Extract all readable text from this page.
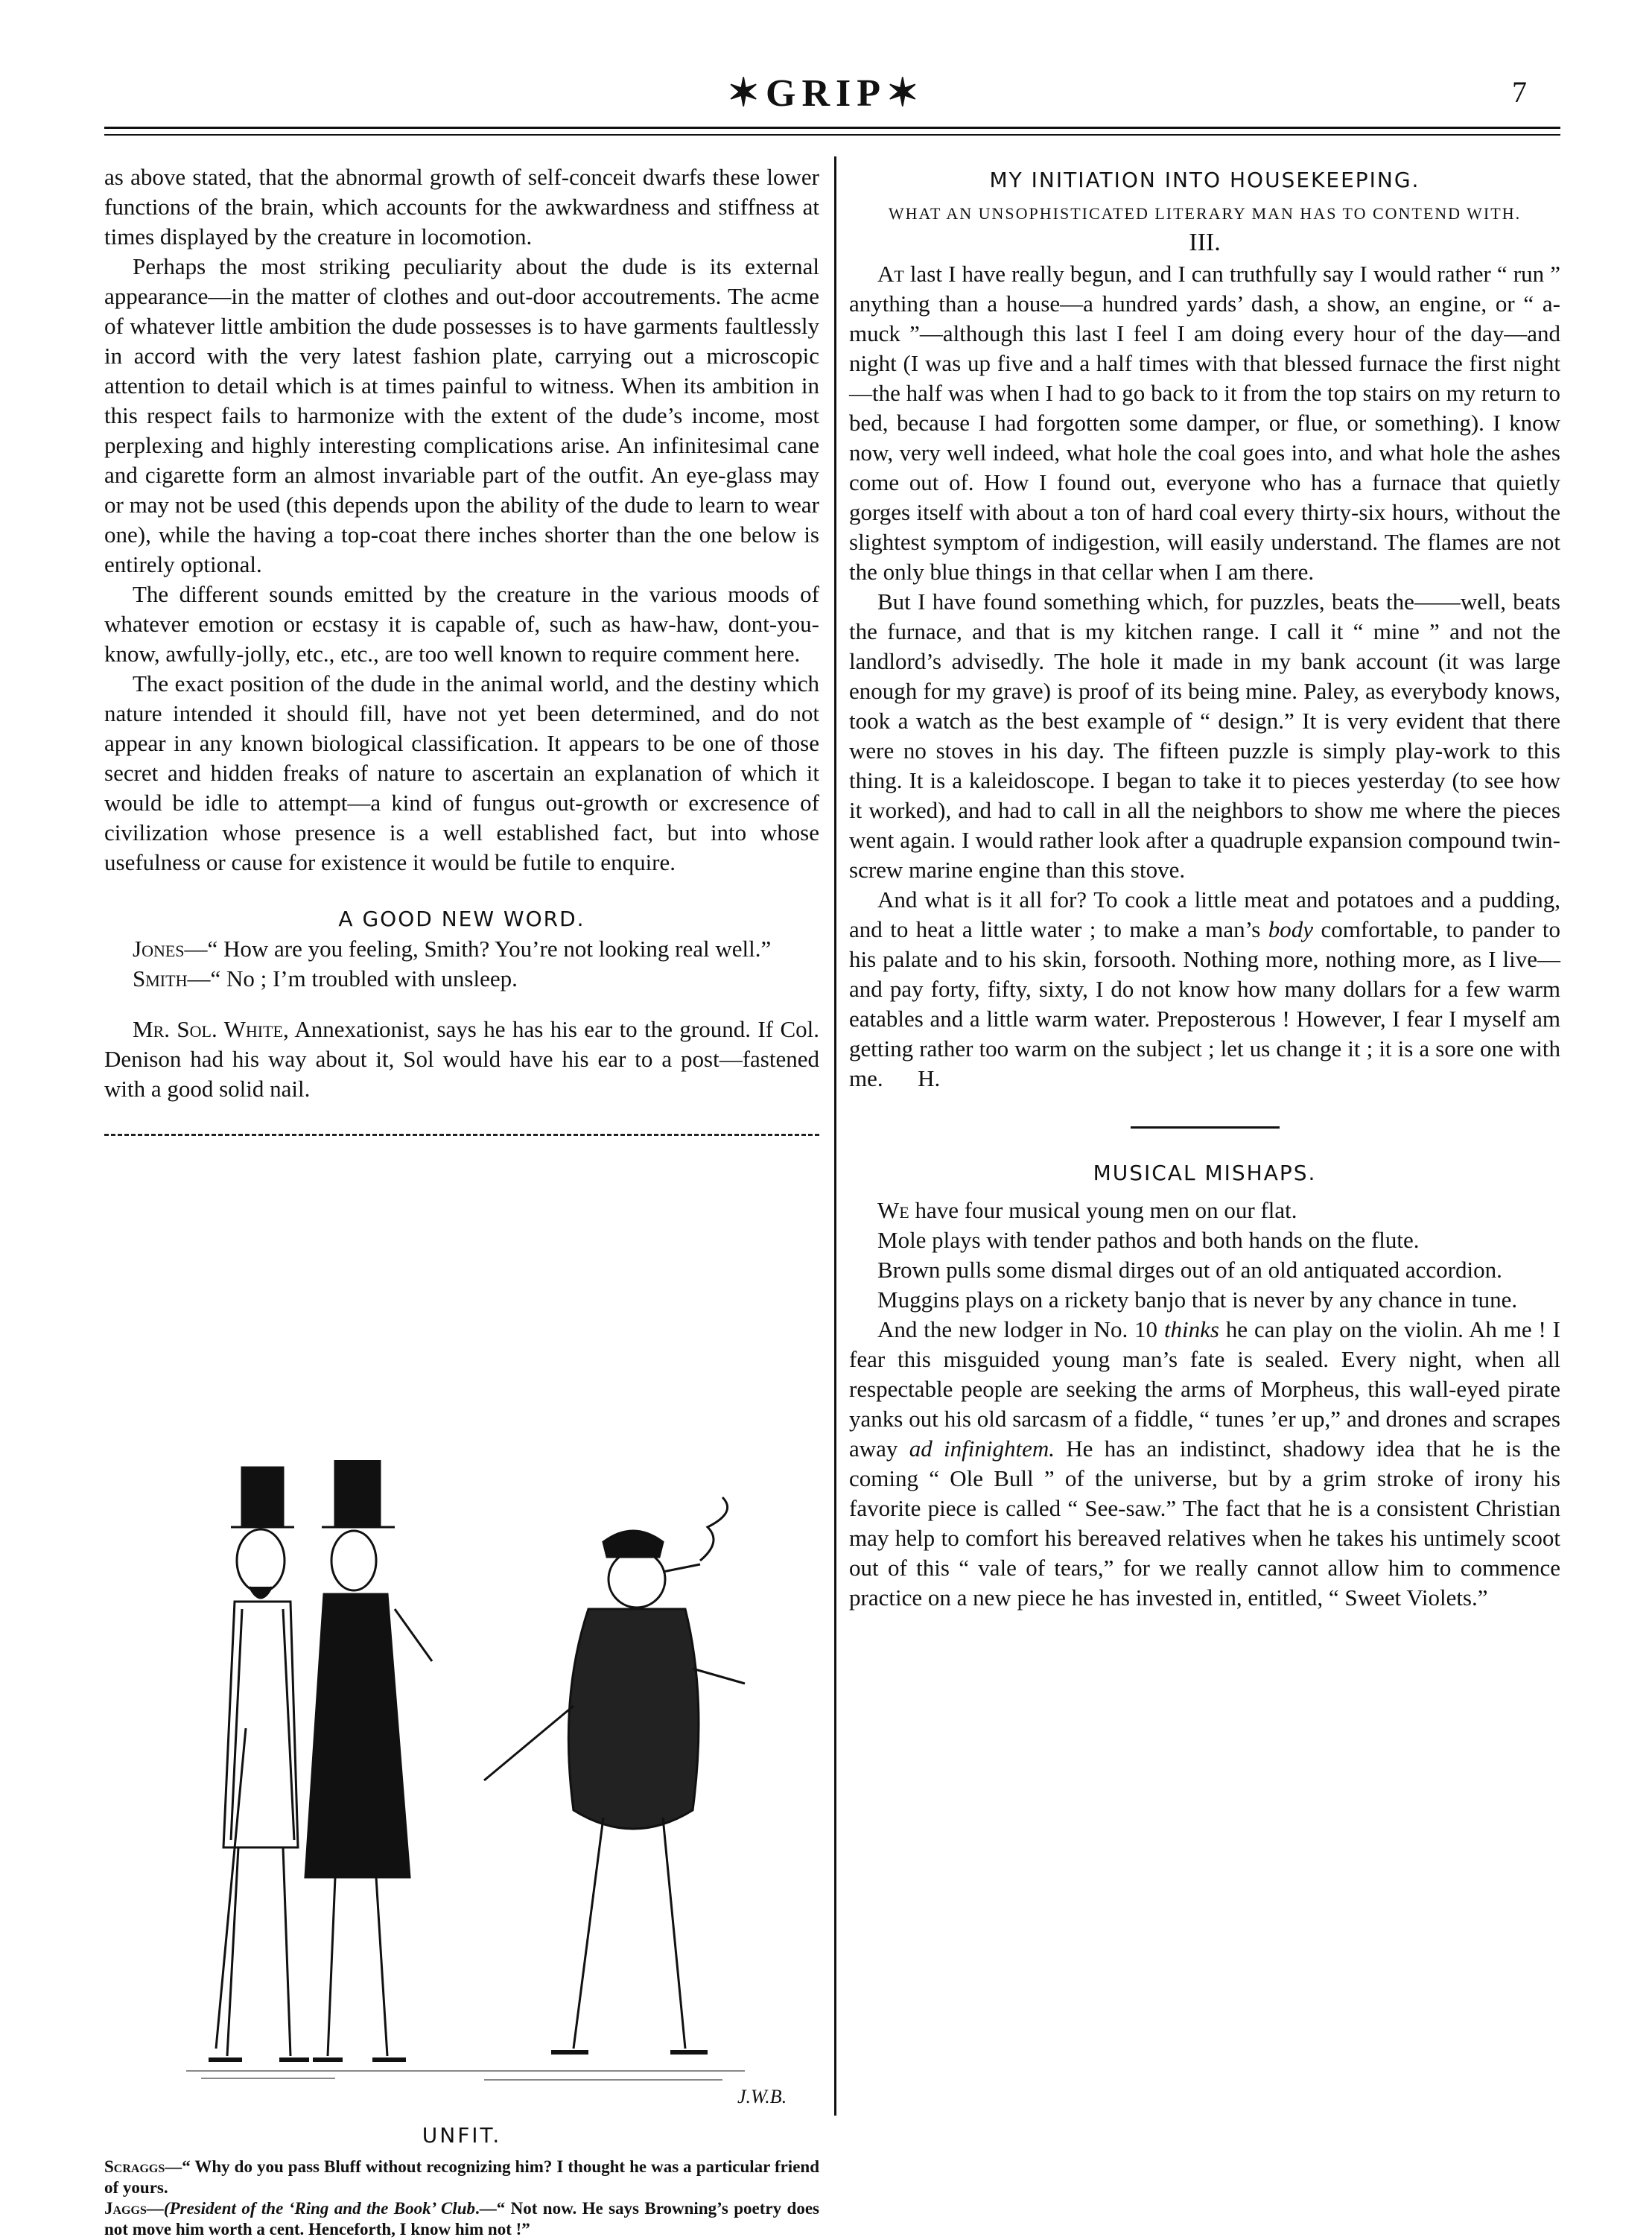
✶GRIP✶	7

as above stated, that the abnormal growth of self-conceit dwarfs these lower functions of the brain, which accounts for the awkwardness and stiffness at times displayed by the creature in locomotion.

Perhaps the most striking peculiarity about the dude is its external appearance—in the matter of clothes and out-door accoutrements. The acme of whatever little ambition the dude possesses is to have garments faultlessly in accord with the very latest fashion plate, carrying out a microscopic attention to detail which is at times painful to witness. When its ambition in this respect fails to harmonize with the extent of the dude’s income, most perplexing and highly interesting complications arise. An infinitesimal cane and cigarette form an almost invariable part of the outfit. An eye-glass may or may not be used (this depends upon the ability of the dude to learn to wear one), while the having a top-coat there inches shorter than the one below is entirely optional.

The different sounds emitted by the creature in the various moods of whatever emotion or ecstasy it is capable of, such as haw-haw, dont-you-know, awfully-jolly, etc., etc., are too well known to require comment here.

The exact position of the dude in the animal world, and the destiny which nature intended it should fill, have not yet been determined, and do not appear in any known biological classification. It appears to be one of those secret and hidden freaks of nature to ascertain an explanation of which it would be idle to attempt—a kind of fungus out-growth or excresence of civilization whose presence is a well established fact, but into whose usefulness or cause for existence it would be futile to enquire.

A GOOD NEW WORD.

Jones—“ How are you feeling, Smith? You’re not looking real well.”

Smith—“ No ; I’m troubled with unsleep.

Mr. Sol. White, Annexationist, says he has his ear to the ground. If Col. Denison had his way about it, Sol would have his ear to a post—fastened with a good solid nail.

J.W.B.
UNFIT.

Scraggs—“ Why do you pass Bluff without recognizing him? I thought he was a particular friend of yours.

Jaggs—(President of the ‘Ring and the Book’ Club.—“ Not now. He says Browning’s poetry does not move him worth a cent. Henceforth, I know him not !”

MY INITIATION INTO HOUSEKEEPING.
WHAT AN UNSOPHISTICATED LITERARY MAN HAS TO CONTEND WITH.
III.

At last I have really begun, and I can truthfully say I would rather “ run ” anything than a house—a hundred yards’ dash, a show, an engine, or “ a-muck ”—although this last I feel I am doing every hour of the day—and night (I was up five and a half times with that blessed furnace the first night—the half was when I had to go back to it from the top stairs on my return to bed, because I had forgotten some damper, or flue, or something). I know now, very well indeed, what hole the coal goes into, and what hole the ashes come out of. How I found out, everyone who has a furnace that quietly gorges itself with about a ton of hard coal every thirty-six hours, without the slightest symptom of indigestion, will easily understand. The flames are not the only blue things in that cellar when I am there.

But I have found something which, for puzzles, beats the——well, beats the furnace, and that is my kitchen range. I call it “ mine ” and not the landlord’s advisedly. The hole it made in my bank account (it was large enough for my grave) is proof of its being mine. Paley, as everybody knows, took a watch as the best example of “ design.” It is very evident that there were no stoves in his day. The fifteen puzzle is simply play-work to this thing. It is a kaleidoscope. I began to take it to pieces yesterday (to see how it worked), and had to call in all the neighbors to show me where the pieces went again. I would rather look after a quadruple expansion compound twin-screw marine engine than this stove.

And what is it all for? To cook a little meat and potatoes and a pudding, and to heat a little water ; to make a man’s body comfortable, to pander to his palate and to his skin, forsooth. Nothing more, nothing more, as I live—and pay forty, fifty, sixty, I do not know how many dollars for a few warm eatables and a little warm water. Preposterous ! However, I fear I myself am getting rather too warm on the subject ; let us change it ; it is a sore one with me. H.

MUSICAL MISHAPS.

We have four musical young men on our flat.

Mole plays with tender pathos and both hands on the flute.

Brown pulls some dismal dirges out of an old antiquated accordion.

Muggins plays on a rickety banjo that is never by any chance in tune.

And the new lodger in No. 10 thinks he can play on the violin. Ah me ! I fear this misguided young man’s fate is sealed. Every night, when all respectable people are seeking the arms of Morpheus, this wall-eyed pirate yanks out his old sarcasm of a fiddle, “ tunes ’er up,” and drones and scrapes away ad infinightem. He has an indistinct, shadowy idea that he is the coming “ Ole Bull ” of the universe, but by a grim stroke of irony his favorite piece is called “ See-saw.” The fact that he is a consistent Christian may help to comfort his bereaved relatives when he takes his untimely scoot out of this “ vale of tears,” for we really cannot allow him to commence practice on a new piece he has invested in, entitled, “ Sweet Violets.”
